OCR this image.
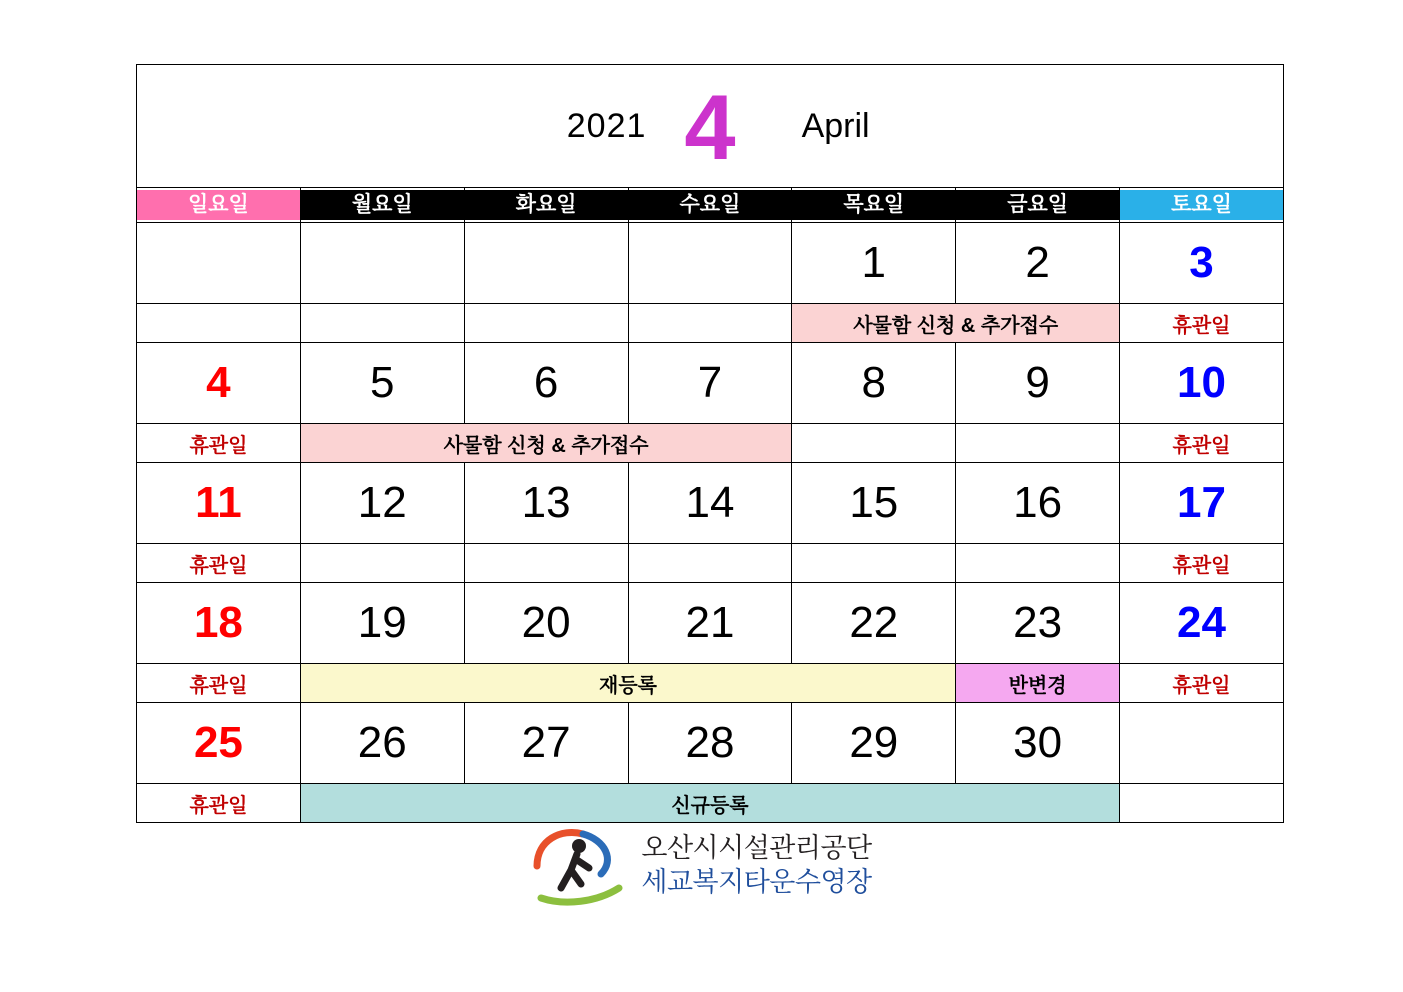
2021 4 April						

일요일	월요일	화요일	수요일	목요일	금요일	토요일

				1	2	3
				사물함 신청 & 추가접수		휴관일
4	5	6	7	8	9	10
휴관일	사물함 신청 & 추가접수					휴관일
11	12	13	14	15	16	17
휴관일						휴관일
18	19	20	21	22	23	24
휴관일	재등록				반변경	휴관일
25	26	27	28	29	30	
휴관일	신규등록					
오산시시설관리공단
세교복지타운수영장
